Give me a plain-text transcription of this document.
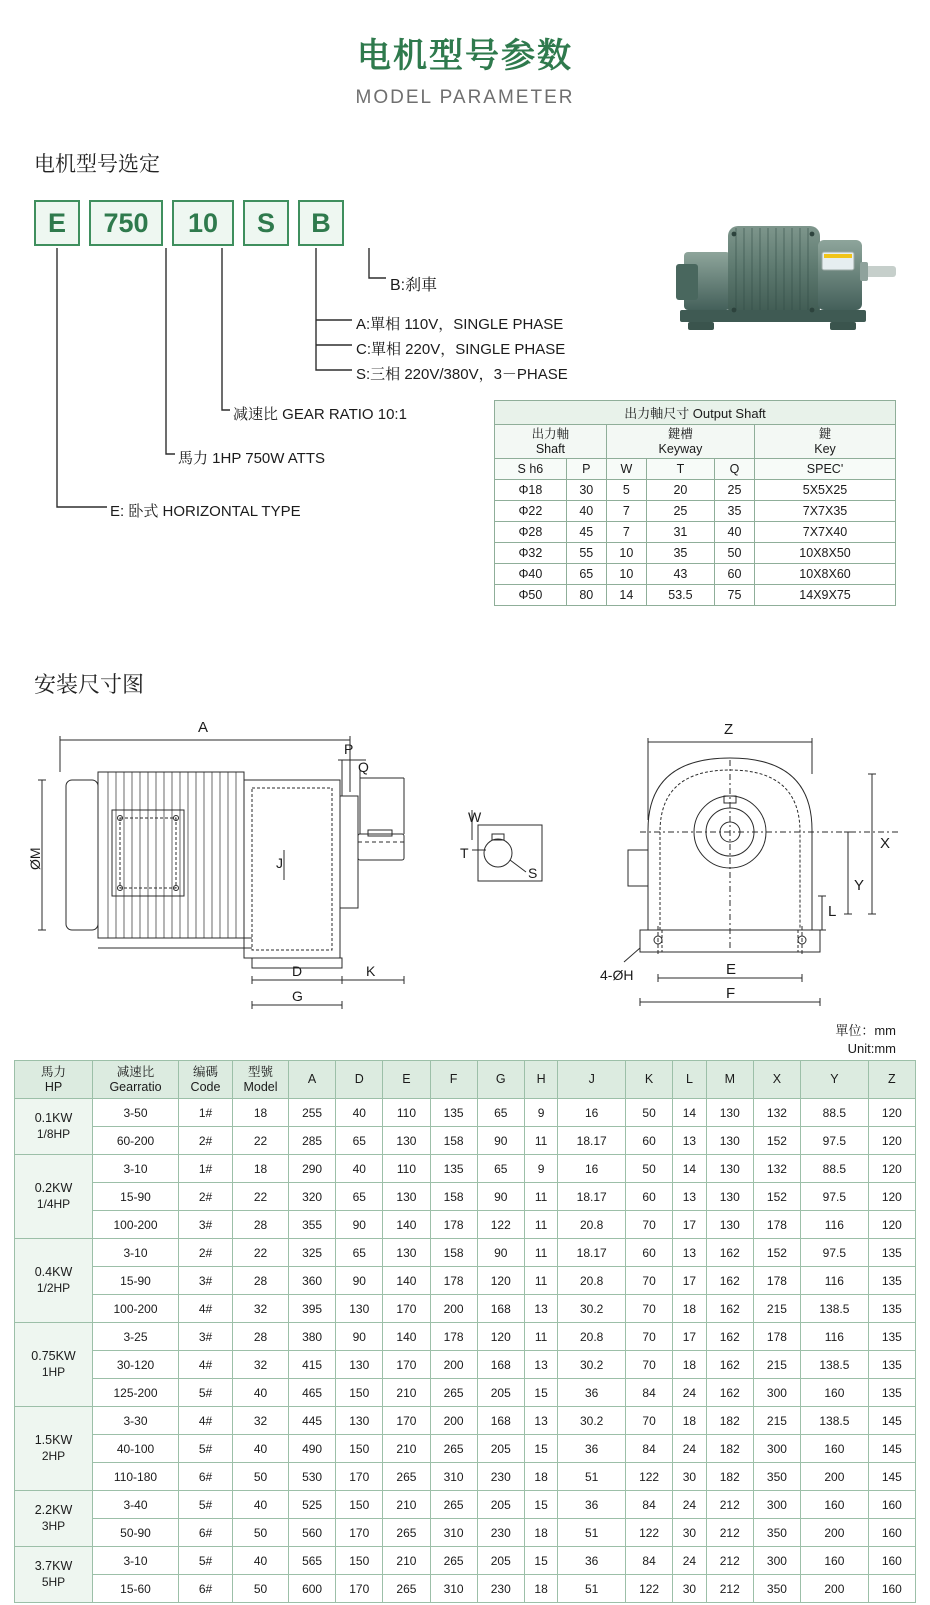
电机型号参数
MODEL PARAMETER
电机型号选定
E	750	10	S	B
B:刹車
A:單相 110V，SINGLE PHASE
C:單相 220V，SINGLE PHASE
S:三相 220V/380V，3－PHASE
减速比 GEAR RATIO 10:1
馬力 1HP 750W ATTS
E: 卧式 HORIZONTAL TYPE
出力軸尺寸 Output Shaft					

出力軸
Shaft

鍵槽
Keyway

鍵
Key

S h6	P	W	T	Q	SPEC'
Φ18	30	5	20	25	5X5X25
Φ22	40	7	25	35	7X7X35
Φ28	45	7	31	40	7X7X40
Φ32	55	10	35	50	10X8X50
Φ40	65	10	43	60	10X8X60
Φ50	80	14	53.5	75	14X9X75
安装尺寸图
A
ØM
P
Q
J
D	K
G
W
T
S
Z
X
Y
L
4-ØH	E
F
單位：mm
Unit:mm
馬力
HP

减速比
Gearratio

编碼
Code

型號
Model
	A	D	E	F	G	H	J	K	L	M	X	Y	Z

0.1KW
1/8HP	3-50	1#	18	255	40	110	135	65	9	16	50	14	130	132	88.5	120
	60-200	2#	22	285	65	130	158	90	11	18.17	60	13	130	152	97.5	120

0.2KW
1/4HP	3-10	1#	18	290	40	110	135	65	9	16	50	14	130	132	88.5	120
	15-90	2#	22	320	65	130	158	90	11	18.17	60	13	130	152	97.5	120
	100-200	3#	28	355	90	140	178	122	11	20.8	70	17	130	178	116	120

0.4KW
1/2HP	3-10	2#	22	325	65	130	158	90	11	18.17	60	13	162	152	97.5	135
	15-90	3#	28	360	90	140	178	120	11	20.8	70	17	162	178	116	135
	100-200	4#	32	395	130	170	200	168	13	30.2	70	18	162	215	138.5	135

0.75KW
1HP	3-25	3#	28	380	90	140	178	120	11	20.8	70	17	162	178	116	135
	30-120	4#	32	415	130	170	200	168	13	30.2	70	18	162	215	138.5	135
	125-200	5#	40	465	150	210	265	205	15	36	84	24	162	300	160	135

1.5KW
2HP	3-30	4#	32	445	130	170	200	168	13	30.2	70	18	182	215	138.5	145
	40-100	5#	40	490	150	210	265	205	15	36	84	24	182	300	160	145
	110-180	6#	50	530	170	265	310	230	18	51	122	30	182	350	200	145

2.2KW
3HP	3-40	5#	40	525	150	210	265	205	15	36	84	24	212	300	160	160
	50-90	6#	50	560	170	265	310	230	18	51	122	30	212	350	200	160

3.7KW
5HP	3-10	5#	40	565	150	210	265	205	15	36	84	24	212	300	160	160
	15-60	6#	50	600	170	265	310	230	18	51	122	30	212	350	200	160
